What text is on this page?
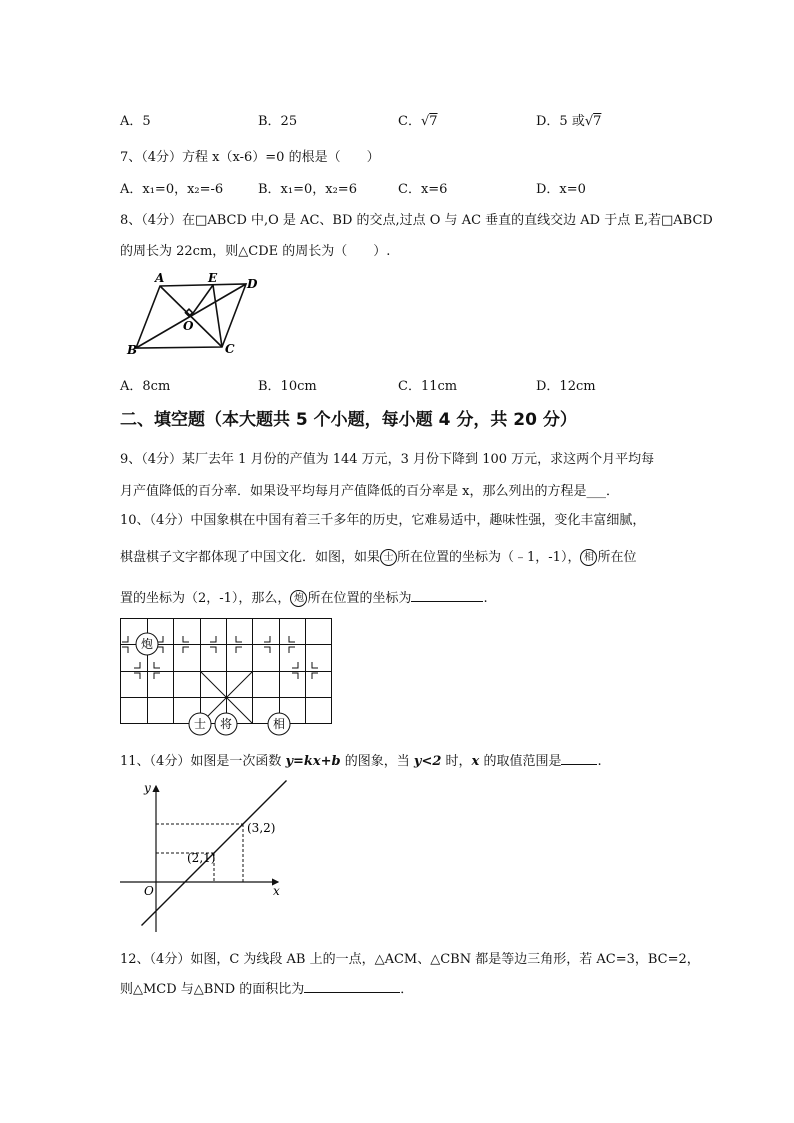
A．5	B．25	C．√7	D．5 或√7
7、（4分）方程 x（x-6）=0 的根是（　　）
A．x₁=0，x₂=-6	B．x₁=0，x₂=6	C．x=6	D．x=0
8、（4分）在□ABCD 中,O 是 AC、BD 的交点,过点 O 与 AC 垂直的直线交边 AD 于点 E,若□ABCD
的周长为 22cm，则△CDE 的周长为（　　）.
A	E D
O
B	C
A．8cm	B．10cm	C．11cm	D．12cm
二、填空题（本大题共 5 个小题，每小题 4 分，共 20 分）
9、（4分）某厂去年 1 月份的产值为 144 万元，3 月份下降到 100 万元，求这两个月平均每
月产值降低的百分率．如果设平均每月产值降低的百分率是 x，那么列出的方程是___．
10、（4分）中国象棋在中国有着三千多年的历史，它难易适中，趣味性强，变化丰富细腻，
棋盘棋子文字都体现了中国文化．如图，如果 士 所在位置的坐标为（﹣1，-1）， 相 所在位
置的坐标为（2，-1），那么， 炮 所在位置的坐标为	.
炮
士 将	相
11、（4分）如图是一次函数 y=kx+b 的图象，当 y<2 时，x 的取值范围是	.
y
x
O
(3,2)
(2,1)
12、（4分）如图，C 为线段 AB 上的一点，△ACM、△CBN 都是等边三角形，若 AC=3，BC=2，
则△MCD 与△BND 的面积比为	．
